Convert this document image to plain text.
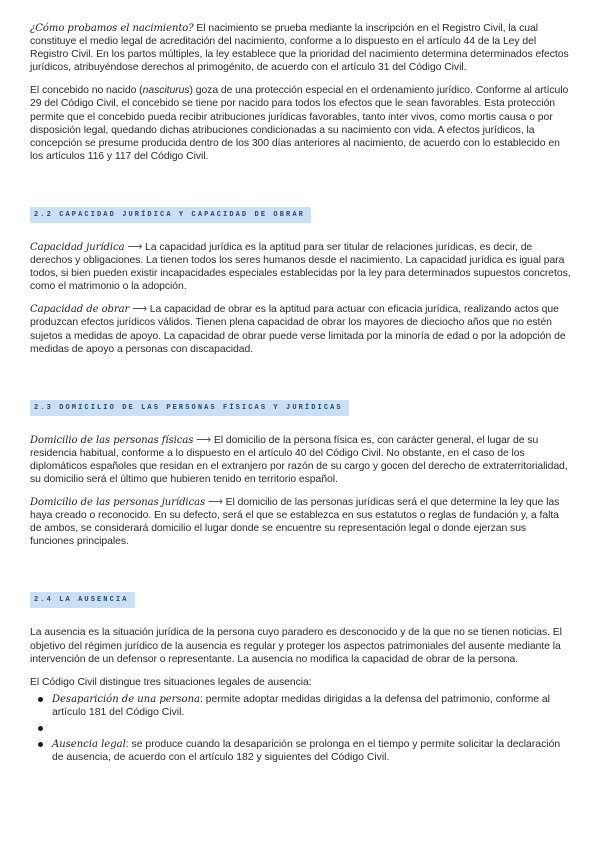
¿Cómo probamos el nacimiento? El nacimiento se prueba mediante la inscripción en el Registro Civil, la cual constituye el medio legal de acreditación del nacimiento, conforme a lo dispuesto en el artículo 44 de la Ley del Registro Civil. En los partos múltiples, la ley establece que la prioridad del nacimiento determina determinados efectos jurídicos, atribuyéndose derechos al primogénito, de acuerdo con el artículo 31 del Código Civil.

El concebido no nacido (nasciturus) goza de una protección especial en el ordenamiento jurídico. Conforme al artículo 29 del Código Civil, el concebido se tiene por nacido para todos los efectos que le sean favorables. Esta protección permite que el concebido pueda recibir atribuciones jurídicas favorables, tanto inter vivos, como mortis causa o por disposición legal, quedando dichas atribuciones condicionadas a su nacimiento con vida. A efectos jurídicos, la concepción se presume producida dentro de los 300 días anteriores al nacimiento, de acuerdo con lo establecido en los artículos 116 y 117 del Código Civil.

2.2 CAPACIDAD JURÍDICA Y CAPACIDAD DE OBRAR

Capacidad jurídica ⟶ La capacidad jurídica es la aptitud para ser titular de relaciones jurídicas, es decir, de derechos y obligaciones. La tienen todos los seres humanos desde el nacimiento. La capacidad jurídica es igual para todos, si bien pueden existir incapacidades especiales establecidas por la ley para determinados supuestos concretos, como el matrimonio o la adopción.

Capacidad de obrar ⟶ La capacidad de obrar es la aptitud para actuar con eficacia jurídica, realizando actos que produzcan efectos jurídicos válidos. Tienen plena capacidad de obrar los mayores de dieciocho años que no estén sujetos a medidas de apoyo. La capacidad de obrar puede verse limitada por la minoría de edad o por la adopción de medidas de apoyo a personas con discapacidad.

2.3 DOMICILIO DE LAS PERSONAS FÍSICAS Y JURÍDICAS

Domicilio de las personas físicas ⟶ El domicilio de la persona física es, con carácter general, el lugar de su residencia habitual, conforme a lo dispuesto en el artículo 40 del Código Civil. No obstante, en el caso de los diplomáticos españoles que residan en el extranjero por razón de su cargo y gocen del derecho de extraterritorialidad, su domicilio será el último que hubieren tenido en territorio español.

Domicilio de las personas jurídicas ⟶ El domicilio de las personas jurídicas será el que determine la ley que las haya creado o reconocido. En su defecto, será el que se establezca en sus estatutos o reglas de fundación y, a falta de ambos, se considerará domicilio el lugar donde se encuentre su representación legal o donde ejerzan sus funciones principales.

2.4 LA AUSENCIA

La ausencia es la situación jurídica de la persona cuyo paradero es desconocido y de la que no se tienen noticias. El objetivo del régimen jurídico de la ausencia es regular y proteger los aspectos patrimoniales del ausente mediante la intervención de un defensor o representante. La ausencia no modifica la capacidad de obrar de la persona.

El Código Civil distingue tres situaciones legales de ausencia:

Desaparición de una persona: permite adoptar medidas dirigidas a la defensa del patrimonio, conforme al artículo 181 del Código Civil.
Ausencia legal: se produce cuando la desaparición se prolonga en el tiempo y permite solicitar la declaración de ausencia, de acuerdo con el artículo 182 y siguientes del Código Civil.
